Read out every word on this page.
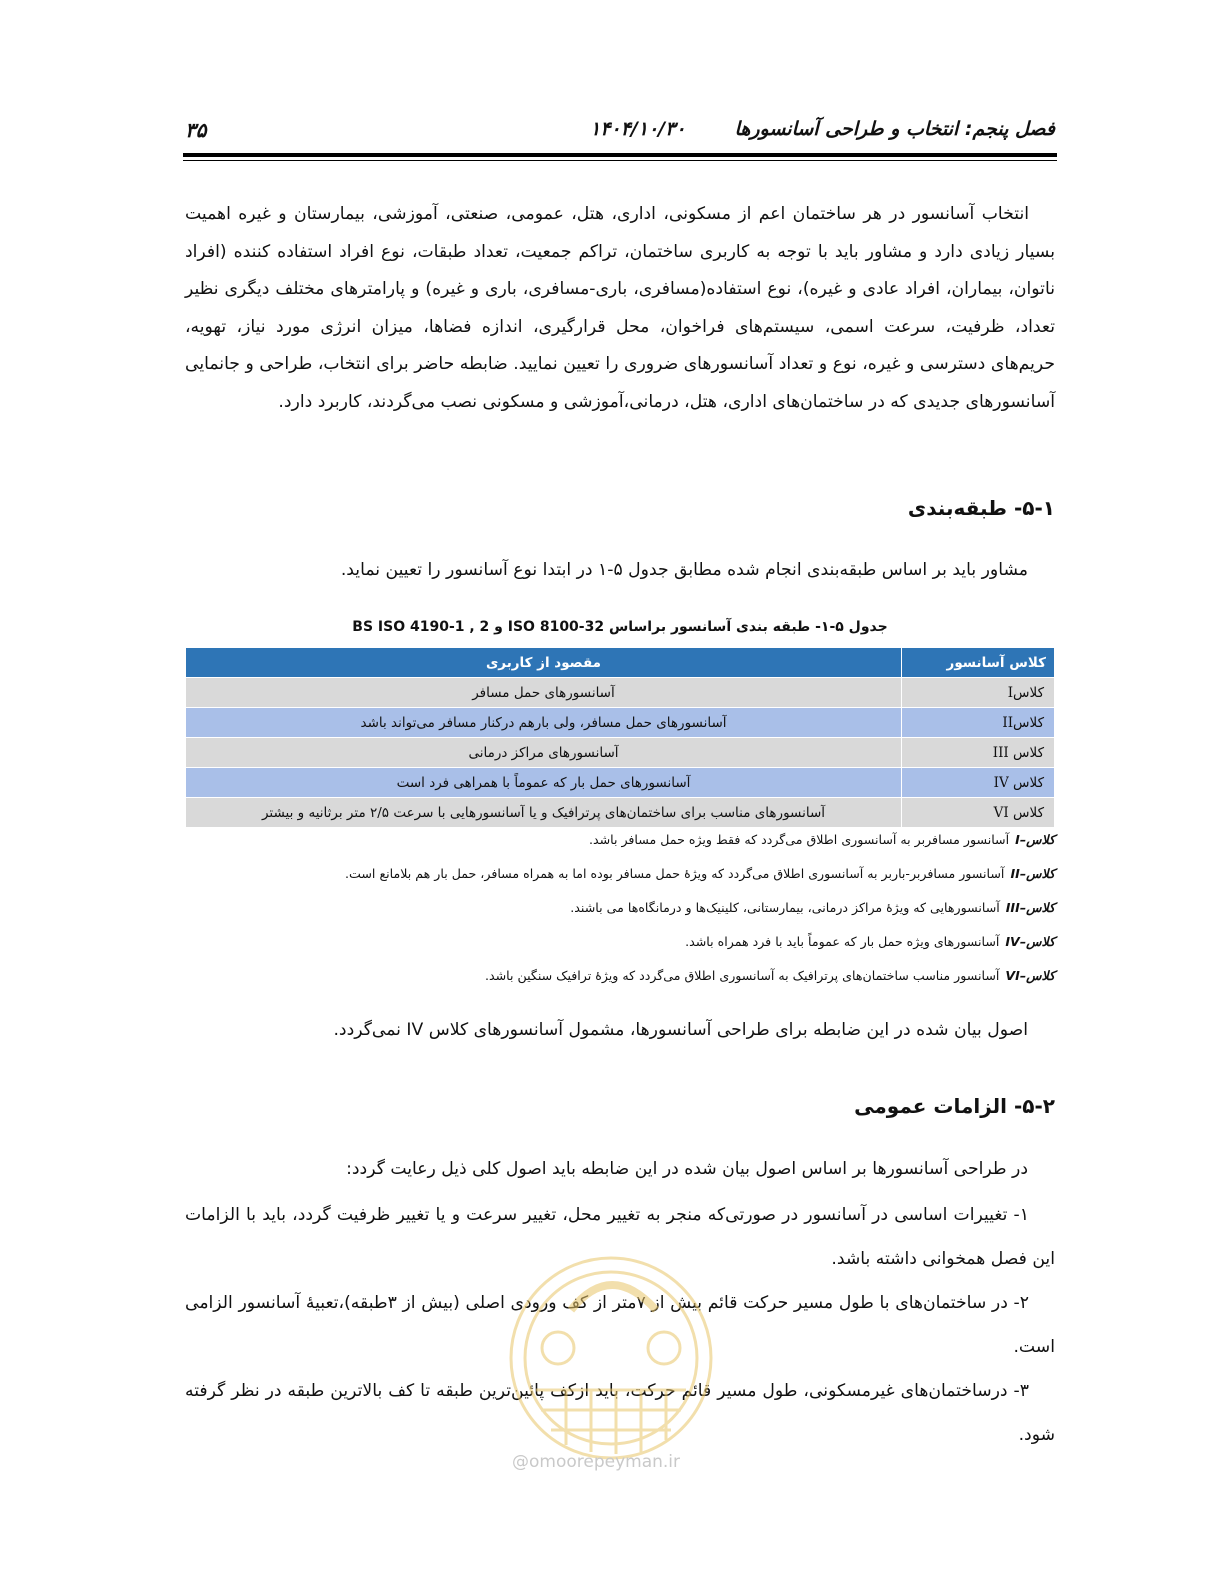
فصل پنجم: انتخاب و طراحی آسانسورها
۱۴۰۴/۱۰/۳۰
۳۵

انتخاب آسانسور در هر ساختمان اعم از مسکونی، اداری، هتل، عمومی، صنعتی، آموزشی، بیمارستان و غیره اهمیت بسیار زیادی دارد و مشاور باید با توجه به کاربری ساختمان، تراکم جمعیت، تعداد طبقات، نوع افراد استفاده کننده (افراد ناتوان، بیماران، افراد عادی و غیره)، نوع استفاده(مسافری، باری-مسافری، باری و غیره) و پارامترهای مختلف دیگری نظیر تعداد، ظرفیت، سرعت اسمی، سیستم‌های فراخوان، محل قرارگیری، اندازه فضاها، میزان انرژی مورد نیاز، تهویه، حریم‌های دسترسی و غیره، نوع و تعداد آسانسورهای ضروری را تعیین نمایید. ضابطه حاضر برای انتخاب، طراحی و جانمایی آسانسورهای جدیدی که در ساختمان‌های اداری، هتل، درمانی،آموزشی و مسکونی نصب می‌گردند، کاربرد دارد.

۵-۱- طبقه‌بندی
مشاور باید بر اساس طبقه‌بندی انجام شده مطابق جدول ۵-۱ در ابتدا نوع آسانسور را تعیین نماید.
جدول ۵-۱- طبقه بندی آسانسور براساس ISO 8100-32 و BS ISO 4190-1 , 2
کلاس آسانسور	مقصود از کاربری
کلاسI	آسانسورهای حمل مسافر
کلاسII	آسانسورهای حمل مسافر، ولی بارهم درکنار مسافر می‌تواند باشد
کلاس III	آسانسورهای مراکز درمانی
کلاس IV	آسانسورهای حمل بار که عموماً با همراهی فرد است
کلاس VI	آسانسورهای مناسب برای ساختمان‌های پرترافیک و یا آسانسورهایی با سرعت ۲/۵ متر برثانیه و بیشتر
کلاس–Iآسانسور مسافربر به آسانسوری اطلاق می‌گردد که فقط ویژه حمل مسافر باشد.
کلاس–IIآسانسور مسافربر-باربر به آسانسوری اطلاق می‌گردد که ویژهٔ حمل مسافر بوده اما به همراه مسافر، حمل بار هم بلامانع است.
کلاس–IIIآسانسورهایی که ویژهٔ مراکز درمانی، بیمارستانی، کلینیک‌ها و درمانگاه‌ها می باشند.
کلاس–IVآسانسورهای ویژه حمل بار که عموماً باید با فرد همراه باشد.
کلاس–VIآسانسور مناسب ساختمان‌های پرترافیک به آسانسوری اطلاق می‌گردد که ویژهٔ ترافیک سنگین باشد.
اصول بیان شده در این ضابطه برای طراحی آسانسورها، مشمول آسانسورهای کلاس IV نمی‌گردد.
۵-۲- الزامات عمومی
در طراحی آسانسورها بر اساس اصول بیان شده در این ضابطه باید اصول کلی ذیل رعایت گردد:

۱- تغییرات اساسی در آسانسور در صورتی‌که منجر به تغییر محل، تغییر سرعت و یا تغییر ظرفیت گردد، باید با الزامات این فصل همخوانی داشته باشد.

۲- در ساختمان‌های با طول مسیر حرکت قائم بیش از ۷متر از کف ورودی اصلی (بیش از ۳طبقه)،تعبیهٔ آسانسور الزامی است.

۳- درساختمان‌های غیرمسکونی، طول مسیر قائم حرکت، باید ازکف پائین‌ترین طبقه تا کف بالاترین طبقه در نظر گرفته شود.

@omoorepeyman.ir
